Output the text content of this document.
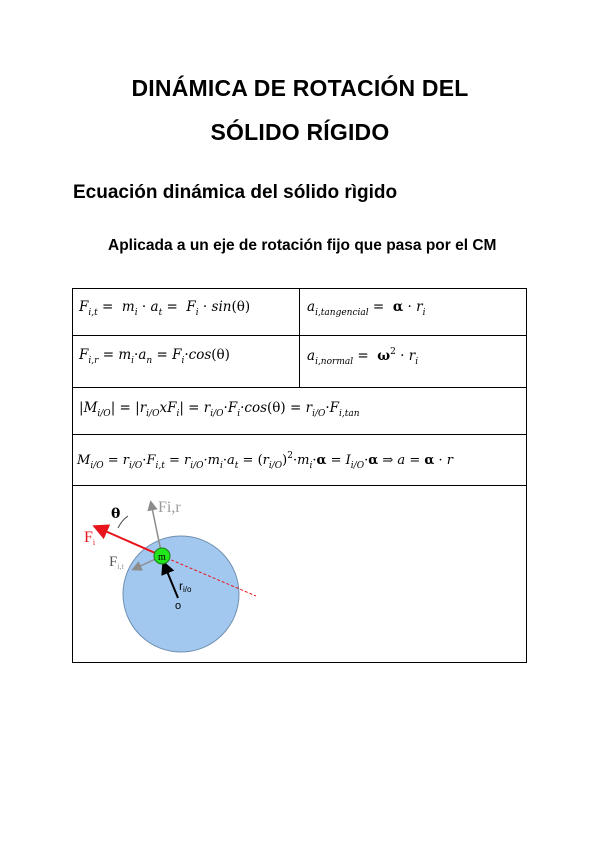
DINÁMICA DE ROTACIÓN DEL
SÓLIDO RÍGIDO
Ecuación dinámica del sólido rìgido
Aplicada a un eje de rotación fijo que pasa por el CM
$F_{i,t} = m_i \cdot a_t = F_i \cdot \sin(\theta)$	$a_{i,tangencial} = \alpha \cdot r_i$
$F_{i,r} = m_i\cdot a_n = F_i\cdot\cos(\theta)$	$a_{i,normal} = \omega^2 \cdot r_i$
$|M_{i/O}| = |r_{i/O}xF_i| = r_{i/O}\cdot F_i\cdot\cos(\theta) = r_{i/O}\cdot F_{i,tan}$
$M_{i/O} = r_{i/O}\cdot F_{i,t} = r_{i/O}\cdot m_i\cdot a_t = (r_{i/O})^2\cdot m_i\cdot\alpha = I_{i/O}\cdot\alpha$ ⇒ a = α · r
m
θ Fi,r
Fi
$F_{i,t}$
ri/o
o
